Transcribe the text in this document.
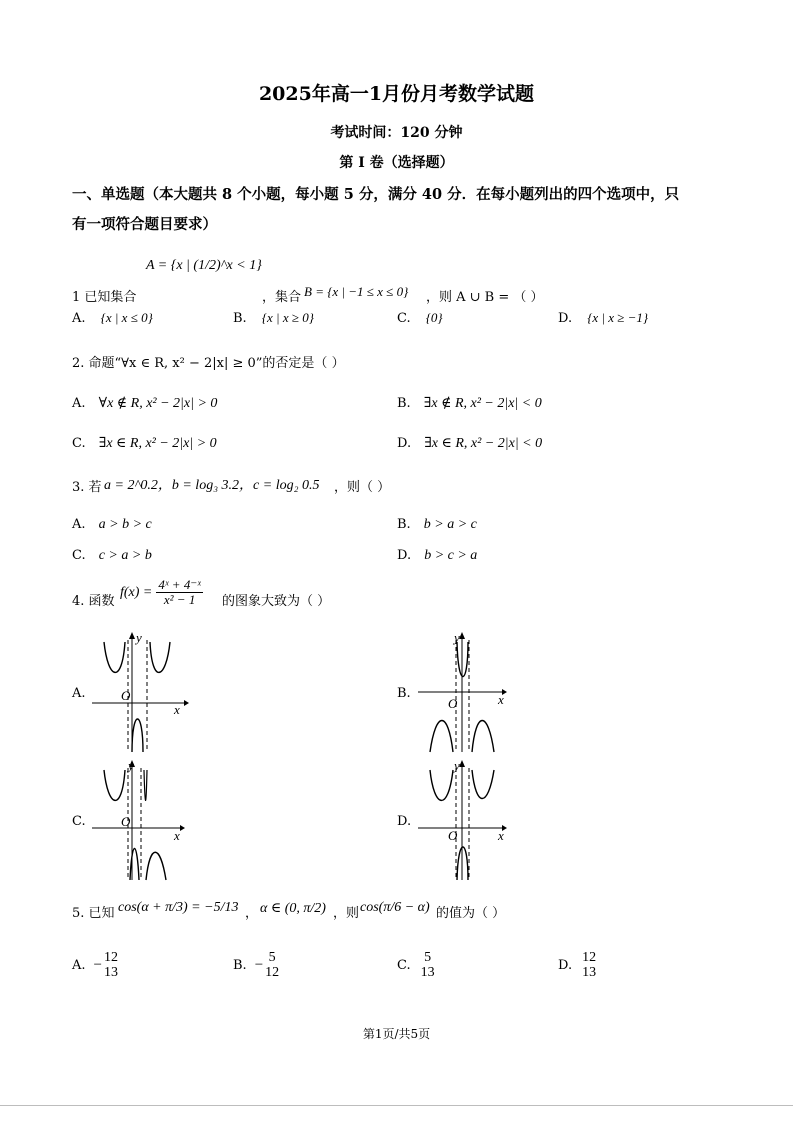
2025年高一1月份月考数学试题
考试时间：120 分钟
第 I 卷（选择题）
一、单选题（本大题共 8 个小题，每小题 5 分，满分 40 分．在每小题列出的四个选项中，只
有一项符合题目要求）
1 已知集合
A = {x | (1/2)^x < 1}
，集合 B = {x | −1 ≤ x ≤ 0} ，则 A ∪ B = （ ）
A. {x | x ≤ 0}	B. {x | x ≥ 0}	C. {0}	D. {x | x ≥ −1}
2. 命题“∀x ∈ R, x² − 2|x| ≥ 0”的否定是（ ）
A. ∀x ∉ R, x² − 2|x| > 0	B. ∃x ∉ R, x² − 2|x| < 0
C. ∃x ∈ R, x² − 2|x| > 0	D. ∃x ∈ R, x² − 2|x| < 0
3. 若 a = 2^0.2，b = log₃ 3.2，c = log₂ 0.5 ，则（ ）
A. a > b > c	B. b > a > c
C. c > a > b	D. b > c > a
4. 函数
$f(x) = \frac{\text{4ˣ + 4⁻ˣ}}{\text{x² − 1}}$ 的图象大致为（ ）
A.
y
x
O	B.
y
x
O
C.
y
x
O	D.
y
x
O
5. 已知 cos(α + π/3) = −5/13 ， α ∈ (0, π/2) ，则 cos(π/6 − α) 的值为（ ）
A. − 12
13	B. − 5
12	C.
5
13	D.
12
13
第1页/共5页
